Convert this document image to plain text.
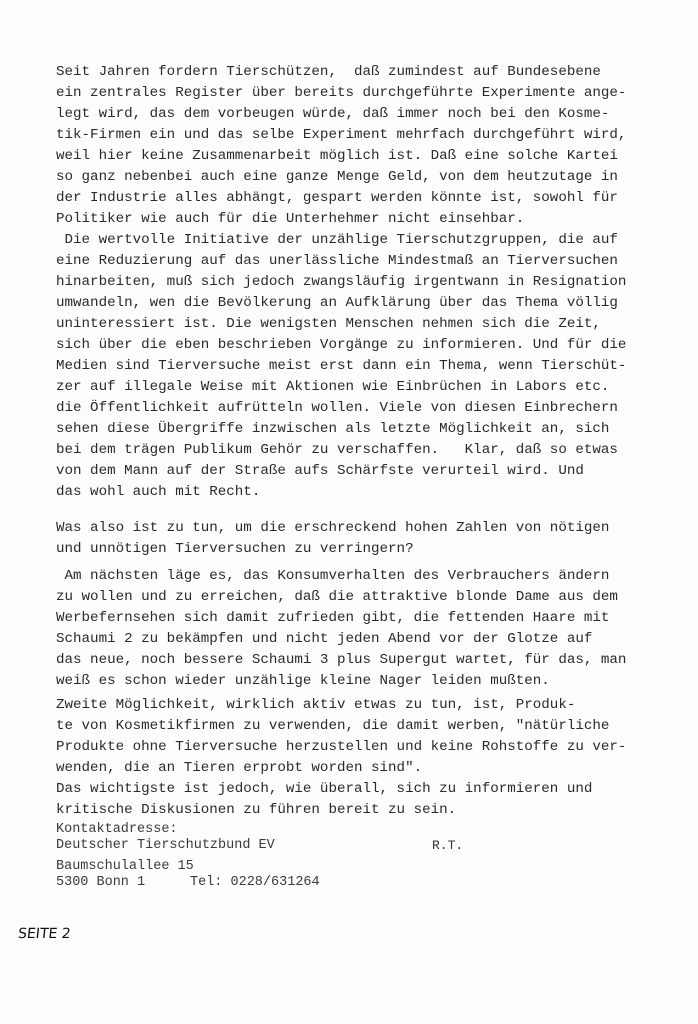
Seit Jahren fordern Tierschützen,  daß zumindest auf Bundesebene
ein zentrales Register über bereits durchgeführte Experimente ange-
legt wird, das dem vorbeugen würde, daß immer noch bei den Kosme-
tik-Firmen ein und das selbe Experiment mehrfach durchgeführt wird,
weil hier keine Zusammenarbeit möglich ist. Daß eine solche Kartei
so ganz nebenbei auch eine ganze Menge Geld, von dem heutzutage in
der Industrie alles abhängt, gespart werden könnte ist, sowohl für
Politiker wie auch für die Unterhehmer nicht einsehbar.
Die wertvolle Initiative der unzählige Tierschutzgruppen, die auf
eine Reduzierung auf das unerlässliche Mindestmaß an Tierversuchen
hinarbeiten, muß sich jedoch zwangsläufig irgentwann in Resignation
umwandeln, wen die Bevölkerung an Aufklärung über das Thema völlig
uninteressiert ist. Die wenigsten Menschen nehmen sich die Zeit,
sich über die eben beschrieben Vorgänge zu informieren. Und für die
Medien sind Tierversuche meist erst dann ein Thema, wenn Tierschüt-
zer auf illegale Weise mit Aktionen wie Einbrüchen in Labors etc.
die Öffentlichkeit aufrütteln wollen. Viele von diesen Einbrechern
sehen diese Übergriffe inzwischen als letzte Möglichkeit an, sich
bei dem trägen Publikum Gehör zu verschaffen.   Klar, daß so etwas
von dem Mann auf der Straße aufs Schärfste verurteil wird. Und
das wohl auch mit Recht.
Was also ist zu tun, um die erschreckend hohen Zahlen von nötigen
und unnötigen Tierversuchen zu verringern?
Am nächsten läge es, das Konsumverhalten des Verbrauchers ändern
zu wollen und zu erreichen, daß die attraktive blonde Dame aus dem
Werbefernsehen sich damit zufrieden gibt, die fettenden Haare mit
Schaumi 2 zu bekämpfen und nicht jeden Abend vor der Glotze auf
das neue, noch bessere Schaumi 3 plus Supergut wartet, für das, man
weiß es schon wieder unzählige kleine Nager leiden mußten.
Zweite Möglichkeit, wirklich aktiv etwas zu tun, ist, Produk-
te von Kosmetikfirmen zu verwenden, die damit werben, "nätürliche
Produkte ohne Tierversuche herzustellen und keine Rohstoffe zu ver-
wenden, die an Tieren erprobt worden sind".
Das wichtigste ist jedoch, wie überall, sich zu informieren und
kritische Diskusionen zu führen bereit zu sein.
Kontaktadresse:
Deutscher Tierschutzbund EV	R.T.
Baumschulallee 15
5300 Bonn 1	Tel: 0228/631264
SEITE 2
